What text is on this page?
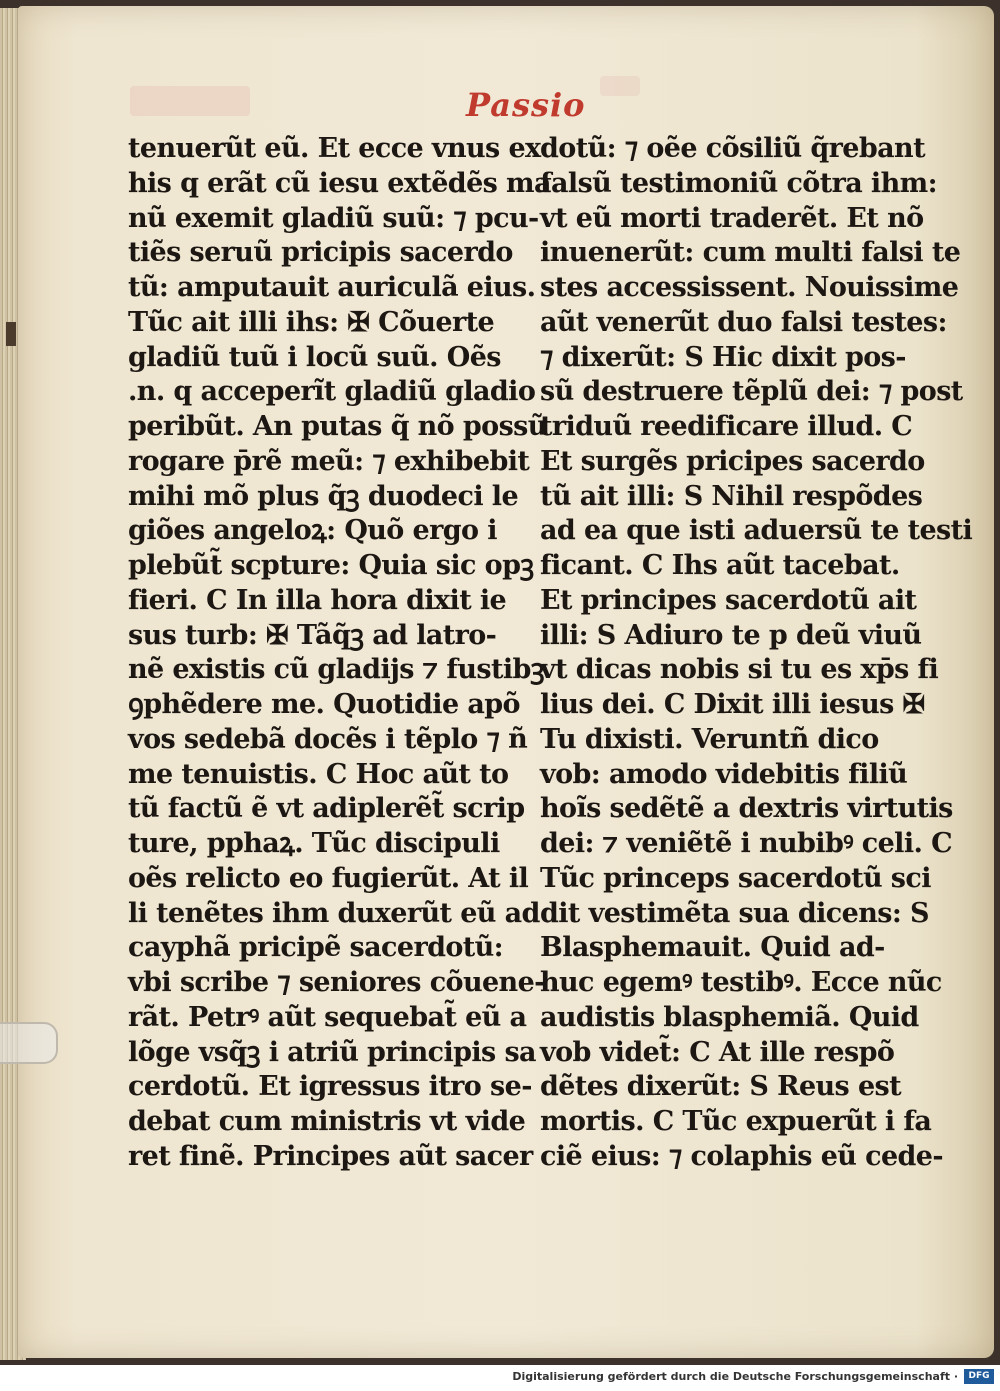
Passio
tenuerũt eũ. Et ecce vnus ex
his q erãt cũ iesu extẽdẽs ma
nũ exemit gladiũ suũ: ⁊ pcu-
tiẽs seruũ pricipis sacerdo
tũ: amputauit auriculã eius.
Tũc ait illi ihs: ✠ Cõuerte
gladiũ tuũ i locũ suũ. Oẽs
.n. q acceperĩt gladiũ gladio
peribũt. An putas q̃ nõ possũ
rogare p̄rẽ meũ: ⁊ exhibebit
mihi mõ plus q̃ꝫ duodeci le
giões angeloꝝ: Quõ ergo i
plebũt̃ scpture: Quia sic opꝫ
fieri. C In illa hora dixit ie
sus turb: ✠ Tãq̃ꝫ ad latro-
nẽ existis cũ gladijs ⁊ fustibꝫ
ꝯphẽdere me. Quotidie apõ
vos sedebã docẽs i tẽplo ⁊ ñ
me tenuistis. C Hoc aũt to
tũ factũ ẽ vt adiplerẽt̃ scrip
ture, pphaꝝ. Tũc discipuli
oẽs relicto eo fugierũt. At il
li tenẽtes ihm duxerũt eũ ad
cayphã pricipẽ sacerdotũ:
vbi scribe ⁊ seniores cõuene-
rãt. Petrꝰ aũt sequebat̃ eũ a
lõge vsq̃ꝫ i atriũ principis sa
cerdotũ. Et igressus itro se-
debat cum ministris vt vide
ret finẽ. Principes aũt sacer
dotũ: ⁊ oẽe cõsiliũ q̃rebant
falsũ testimoniũ cõtra ihm:
vt eũ morti traderẽt. Et nõ
inuenerũt: cum multi falsi te
stes accessissent. Nouissime
aũt venerũt duo falsi testes:
⁊ dixerũt: S Hic dixit pos-
sũ destruere tẽplũ dei: ⁊ post
triduũ reedificare illud. C
Et surgẽs pricipes sacerdo
tũ ait illi: S Nihil respõdes
ad ea que isti aduersũ te testi
ficant. C Ihs aũt tacebat.
Et principes sacerdotũ ait
illi: S Adiuro te p deũ viuũ
vt dicas nobis si tu es xp̄s fi
lius dei. C Dixit illi iesus ✠
Tu dixisti. Veruntñ dico
vob: amodo videbitis filiũ
hoĩs sedẽtẽ a dextris virtutis
dei: ⁊ veniẽtẽ i nubibꝰ celi. C
Tũc princeps sacerdotũ sci
dit vestimẽta sua dicens: S
Blasphemauit. Quid ad-
huc egemꝰ testibꝰ. Ecce nũc
audistis blasphemiã. Quid
vob videt̃: C At ille respõ
dẽtes dixerũt: S Reus est
mortis. C Tũc expuerũt i fa
ciẽ eius: ⁊ colaphis eũ cede-
Digitalisierung gefördert durch die Deutsche Forschungsgemeinschaft ·	DFG
